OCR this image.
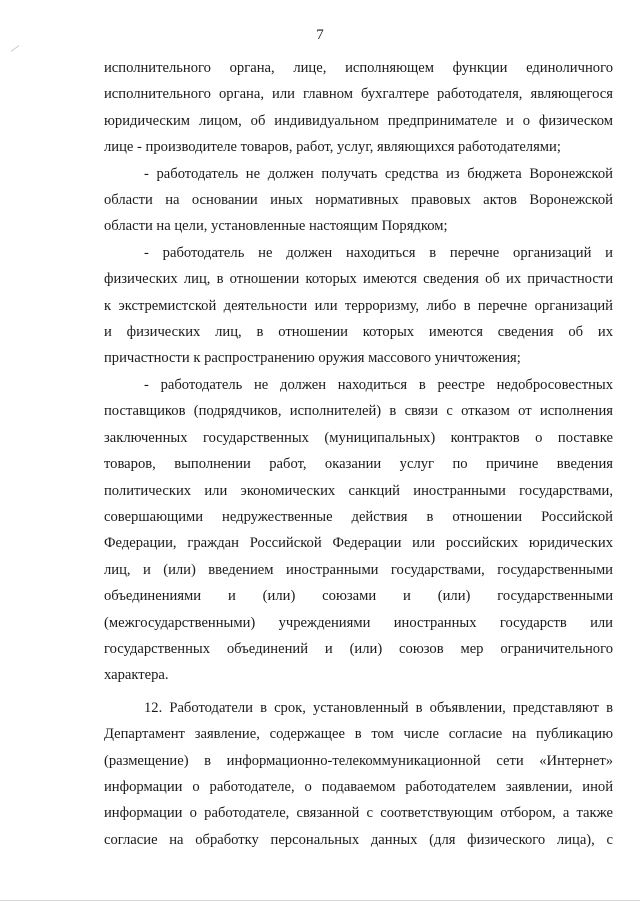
7

исполнительного органа, лице, исполняющем функции единоличного
исполнительного органа, или главном бухгалтере работодателя, являющегося
юридическим лицом, об индивидуальном предпринимателе и о физическом
лице - производителе товаров, работ, услуг, являющихся работодателями;

- работодатель не должен получать средства из бюджета Воронежской
области на основании иных нормативных правовых актов Воронежской
области на цели, установленные настоящим Порядком;

- работодатель не должен находиться в перечне организаций и
физических лиц, в отношении которых имеются сведения об их причастности
к экстремистской деятельности или терроризму, либо в перечне организаций
и физических лиц, в отношении которых имеются сведения об их
причастности к распространению оружия массового уничтожения;

- работодатель не должен находиться в реестре недобросовестных
поставщиков (подрядчиков, исполнителей) в связи с отказом от исполнения
заключенных государственных (муниципальных) контрактов о поставке
товаров, выполнении работ, оказании услуг по причине введения
политических или экономических санкций иностранными государствами,
совершающими недружественные действия в отношении Российской
Федерации, граждан Российской Федерации или российских юридических
лиц, и (или) введением иностранными государствами, государственными
объединениями и (или) союзами и (или) государственными
(межгосударственными) учреждениями иностранных государств или
государственных объединений и (или) союзов мер ограничительного
характера.

12. Работодатели в срок, установленный в объявлении, представляют в
Департамент заявление, содержащее в том числе согласие на публикацию
(размещение) в информационно-телекоммуникационной сети «Интернет»
информации о работодателе, о подаваемом работодателем заявлении, иной
информации о работодателе, связанной с соответствующим отбором, а также
согласие на обработку персональных данных (для физического лица), с
